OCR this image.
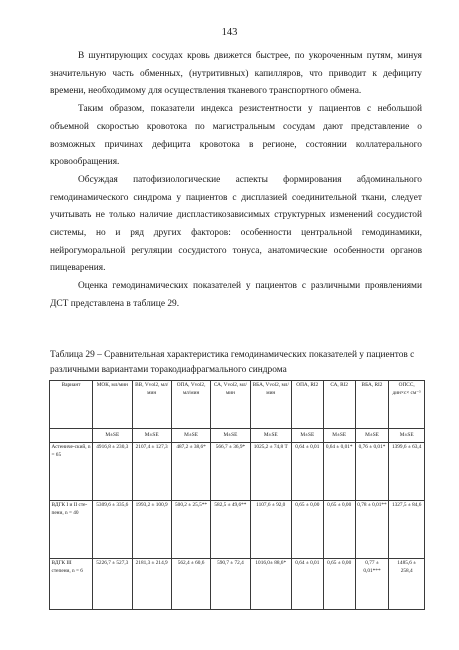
143

В шунтирующих сосудах кровь движется быстрее, по укороченным путям, минуя значительную часть обменных, (нутритивных) капилляров, что приводит к дефициту времени, необходимому для осуществления тканевого транспортного обмена.

Таким образом, показатели индекса резистентности у пациентов с небольшой объемной скоростью кровотока по магистральным сосудам дают представление о возможных причинах дефицита кровотока в регионе, состоянии коллатерального кровообращения.

Обсуждая патофизиологические аспекты формирования абдоминального гемодинамического синдрома у пациентов с дисплазией соединительной ткани, следует учитывать не только наличие диспластикозависимых структурных изменений сосудистой системы, но и ряд других факторов: особенности центральной гемодинамики, нейрогуморальной регуляции сосудистого тонуса, анатомические особенности органов пищеварения.

Оценка гемодинамических показателей у пациентов с различными проявлениями ДСТ представлена в таблице 29.

Таблица 29 – Сравнительная характеристика гемодинамических показателей у пациентов с различными вариантами торакодиафрагмального синдрома
Вариант	МОК, мл/мин	ВВ, Vvol2, мл/мин	ОПА, Vvol2, мл/мин	СА, Vvol2, мл/мин	ВБА, Vvol2, мл/мин	ОПА, RI2	СА, RI2	ВБА, RI2	ОПСС, дин×с× см⁻⁵
	M±SE	M±SE	M±SE	M±SE	M±SE	M±SE	M±SE	M±SE	M±SE
Астениче-ский, n = 65	4916,8 ± 230,3	2107,4 ± 127,3	487,2 ± 38,6*	566,7 ± 36,9*	1025,2 ± 74,8 Т	0,64 ± 0,01	0,64 ± 0,01*	0,76 ± 0,01*	1399,6 ± 63,4
ВДГК I и II сте-пени, n = 40	5309,6 ± 335,6	1993,2 ± 100,9	500,2 ± 25,5**	582,5 ± 49,6**	1107,6 ± 92,0	0,65 ± 0,00	0,65 ± 0,00	0,78 ± 0,01**	1327,5 ± 84,6
ВДГК III степени, n = 6	5226,7 ± 527,3	2181,3 ± 214,9	562,4 ± 60,6	590,7 ± 72,4	1016,0± 88,6*	0,64 ± 0,01	0,65 ± 0,00	0,77 ± 0,01***	1485,6 ± 258,4
